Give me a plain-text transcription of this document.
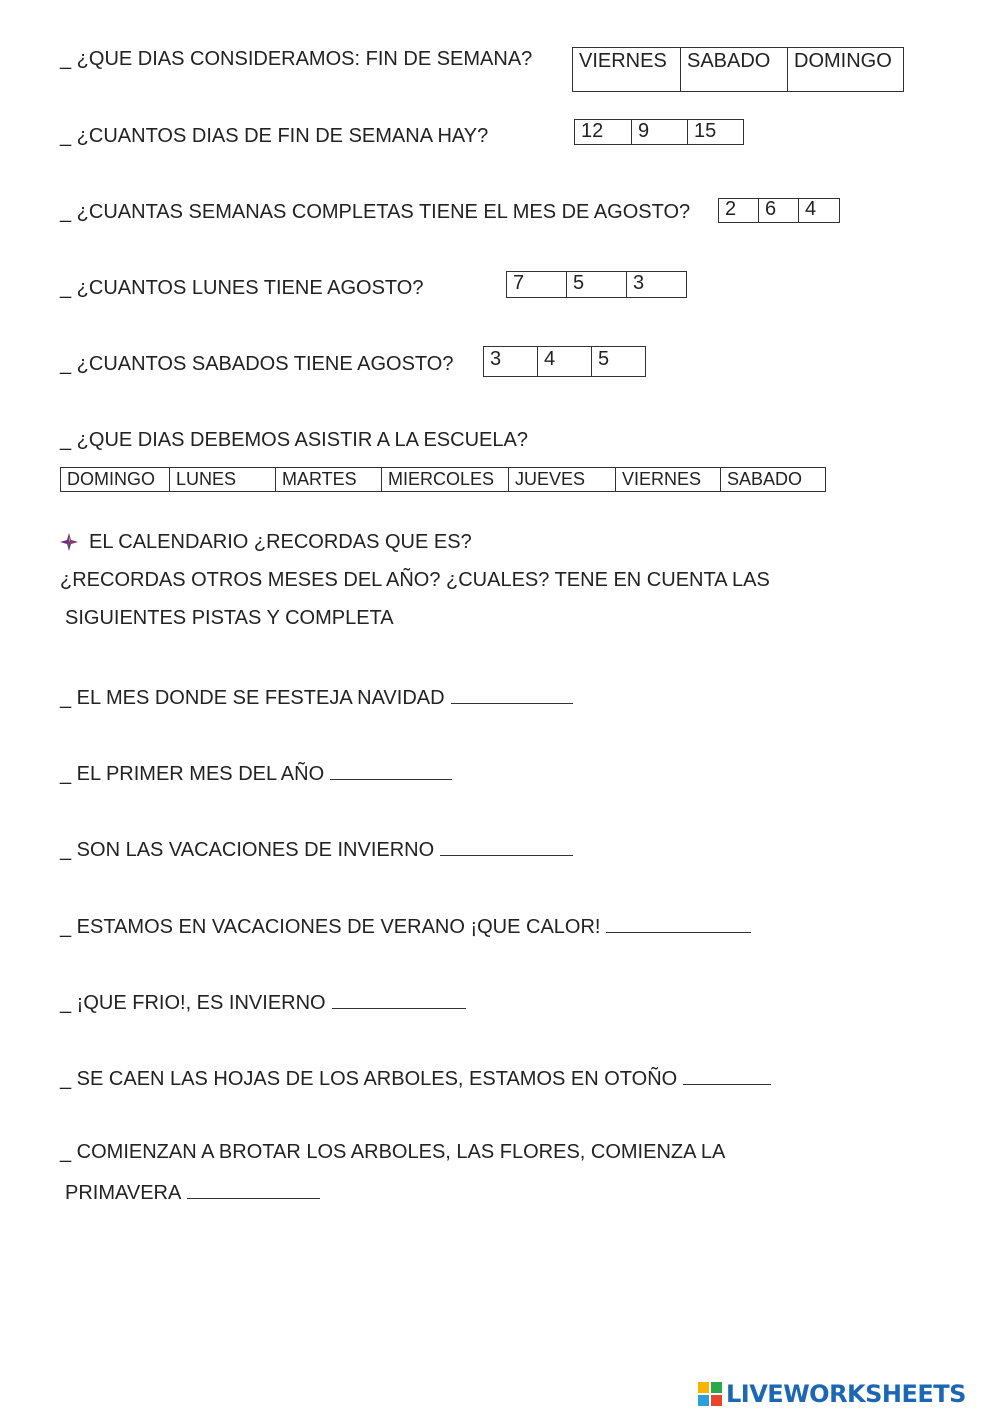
_ ¿QUE DIAS CONSIDERAMOS: FIN DE SEMANA?	VIERNES	SABADO	DOMINGO
_ ¿CUANTOS DIAS DE FIN DE SEMANA HAY?	12	9	15
_ ¿CUANTAS SEMANAS COMPLETAS TIENE EL MES DE AGOSTO?	2	6	4
_ ¿CUANTOS LUNES TIENE AGOSTO?	7	5	3
_ ¿CUANTOS SABADOS TIENE AGOSTO?	3	4	5
_ ¿QUE DIAS DEBEMOS ASISTIR A LA ESCUELA?
DOMINGO	LUNES	MARTES	MIERCOLES	JUEVES	VIERNES	SABADO
EL CALENDARIO ¿RECORDAS QUE ES?
¿RECORDAS OTROS MESES DEL AÑO? ¿CUALES? TENE EN CUENTA LAS
SIGUIENTES PISTAS Y COMPLETA
_ EL MES DONDE SE FESTEJA NAVIDAD
_ EL PRIMER MES DEL AÑO
_ SON LAS VACACIONES DE INVIERNO
_ ESTAMOS EN VACACIONES DE VERANO ¡QUE CALOR!
_ ¡QUE FRIO!, ES INVIERNO
_ SE CAEN LAS HOJAS DE LOS ARBOLES, ESTAMOS EN OTOÑO
_ COMIENZAN A BROTAR LOS ARBOLES, LAS FLORES, COMIENZA LA
PRIMAVERA
LIVEWORKSHEETS
